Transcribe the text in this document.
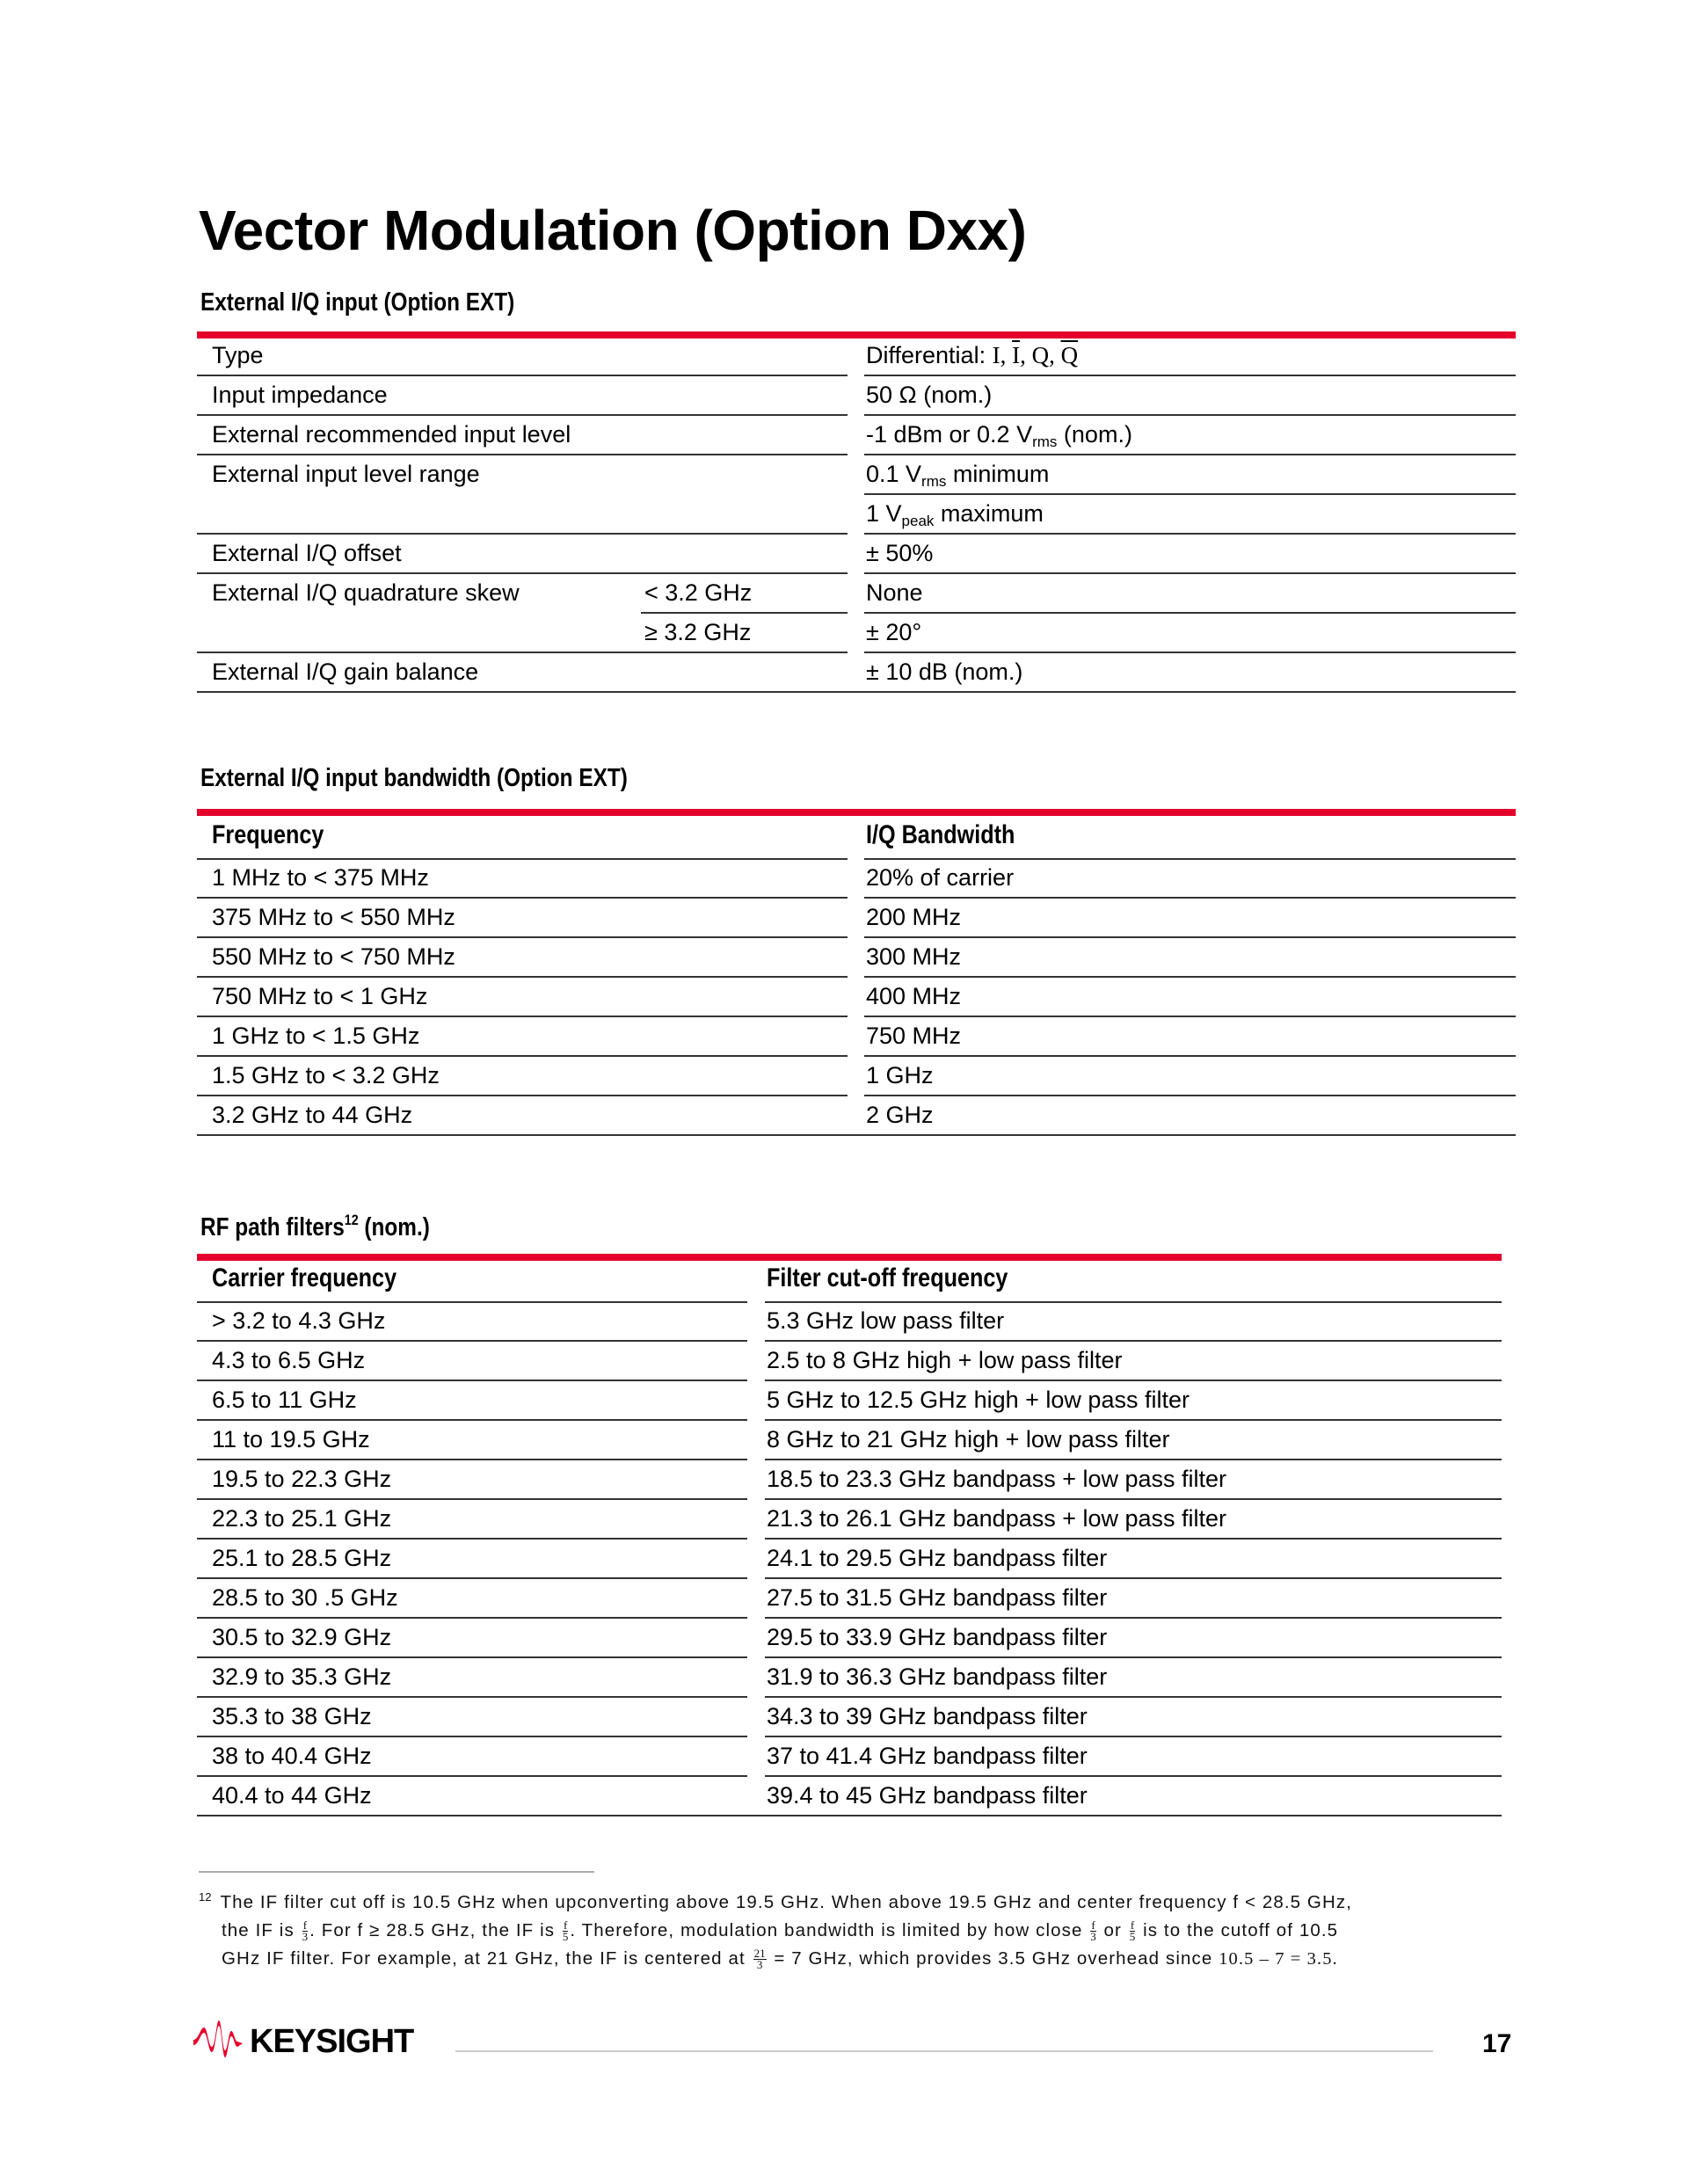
Vector Modulation (Option Dxx)
External I/Q input (Option EXT)
Type	Differential: I, $\overline{I}$, Q, $\overline{Q}$
Input impedance	50 Ω (nom.)
External recommended input level	-1 dBm or 0.2 $V_{rms}$ (nom.)
External input level range	0.1 $V_{rms}$ minimum
1 $V_{peak}$ maximum
External I/Q offset	± 50%
External I/Q quadrature skew	< 3.2 GHz	None
≥ 3.2 GHz	± 20°
External I/Q gain balance	± 10 dB (nom.)
External I/Q input bandwidth (Option EXT)
Frequency	I/Q Bandwidth
1 MHz to < 375 MHz	20% of carrier
375 MHz to < 550 MHz	200 MHz
550 MHz to < 750 MHz	300 MHz
750 MHz to < 1 GHz	400 MHz
1 GHz to < 1.5 GHz	750 MHz
1.5 GHz to < 3.2 GHz	1 GHz
3.2 GHz to 44 GHz	2 GHz
RF path filters$^{12}$ (nom.)
Carrier frequency	Filter cut-off frequency
> 3.2 to 4.3 GHz	5.3 GHz low pass filter
4.3 to 6.5 GHz	2.5 to 8 GHz high + low pass filter
6.5 to 11 GHz	5 GHz to 12.5 GHz high + low pass filter
11 to 19.5 GHz	8 GHz to 21 GHz high + low pass filter
19.5 to 22.3 GHz	18.5 to 23.3 GHz bandpass + low pass filter
22.3 to 25.1 GHz	21.3 to 26.1 GHz bandpass + low pass filter
25.1 to 28.5 GHz	24.1 to 29.5 GHz bandpass filter
28.5 to 30 .5 GHz	27.5 to 31.5 GHz bandpass filter
30.5 to 32.9 GHz	29.5 to 33.9 GHz bandpass filter
32.9 to 35.3 GHz	31.9 to 36.3 GHz bandpass filter
35.3 to 38 GHz	34.3 to 39 GHz bandpass filter
38 to 40.4 GHz	37 to 41.4 GHz bandpass filter
40.4 to 44 GHz	39.4 to 45 GHz bandpass filter
$^{12}$ The IF filter cut off is 10.5 GHz when upconverting above 19.5 GHz. When above 19.5 GHz and center frequency f < 28.5 GHz,
the IF is $\frac{f}{3}$ . For f ≥ 28.5 GHz, the IF is $\frac{f}{5}$ . Therefore, modulation bandwidth is limited by how close $\frac{f}{3}$ or $\frac{f}{5}$ is to the cutoff of 10.5
GHz IF filter. For example, at 21 GHz, the IF is centered at $\frac{21}{3} = 7$ GHz, which provides 3.5 GHz overhead since 10.5 – 7 = 3.5.
KEYSIGHT	17
